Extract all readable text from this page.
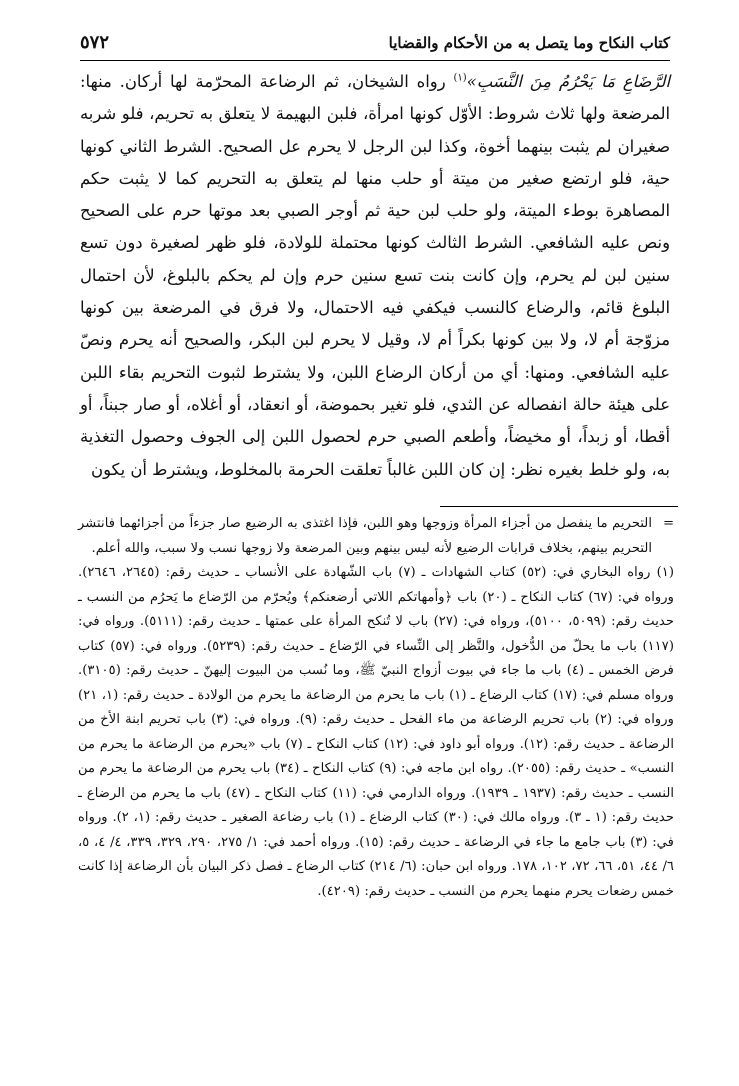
كتاب النكاح وما يتصل به من الأحكام والقضايا
٥٧٢

الرَّضَاعِ مَا يَحْرُمُ مِنَ النَّسَبِ»$^{(١)}$ رواه الشيخان، ثم الرضاعة المحرّمة لها أركان. منها: المرضعة ولها ثلاث شروط: الأوّل كونها امرأة، فلبن البهيمة لا يتعلق به تحريم، فلو شربه صغيران لم يثبت بينهما أخوة، وكذا لبن الرجل لا يحرم عل الصحيح. الشرط الثاني كونها حية، فلو ارتضع صغير من ميتة أو حلب منها لم يتعلق به التحريم كما لا يثبت حكم المصاهرة بوطء الميتة، ولو حلب لبن حية ثم أوجر الصبي بعد موتها حرم على الصحيح ونص عليه الشافعي. الشرط الثالث كونها محتملة للولادة، فلو ظهر لصغيرة دون تسع سنين لبن لم يحرم، وإن كانت بنت تسع سنين حرم وإن لم يحكم بالبلوغ، لأن احتمال البلوغ قائم، والرضاع كالنسب فيكفي فيه الاحتمال، ولا فرق في المرضعة بين كونها مزوّجة أم لا، ولا بين كونها بكراً أم لا، وقيل لا يحرم لبن البكر، والصحيح أنه يحرم ونصّ عليه الشافعي. ومنها: أي من أركان الرضاع اللبن، ولا يشترط لثبوت التحريم بقاء اللبن على هيئة حالة انفصاله عن الثدي، فلو تغير بحموضة، أو انعقاد، أو أغلاه، أو صار جبناً، أو أقطا، أو زبداً، أو مخيضاً، وأطعم الصبي حرم لحصول اللبن إلى الجوف وحصول التغذية به، ولو خلط بغيره نظر: إن كان اللبن غالباً تعلقت الحرمة بالمخلوط، ويشترط أن يكون

=
التحريم ما ينفصل من أجزاء المرأة وزوجها وهو اللبن، فإذا اغتذى به الرضيع صار جزءاً من أجزائهما فانتشر التحريم بينهم، بخلاف قرابات الرضيع لأنه ليس بينهم وبين المرضعة ولا زوجها نسب ولا سبب، والله أعلم.

(١) رواه البخاري في: (٥٢) كتاب الشهادات ـ (٧) باب الشّهادة على الأنساب ـ حديث رقم: (٢٦٤٥، ٢٦٤٦). ورواه في: (٦٧) كتاب النكاح ـ (٢٠) باب ﴿وأمهاتكم اللاتي أرضعنكم﴾ ويُحرّم من الرّضاع ما يَحرُم من النسب ـ حديث رقم: (٥٠٩٩، ٥١٠٠)، ورواه في: (٢٧) باب لا تُنكح المرأة على عمتها ـ حديث رقم: (٥١١١). ورواه في: (١١٧) باب ما يحلّ من الدُّخول، والنَّظر إلى النِّساء في الرّضاع ـ حديث رقم: (٥٢٣٩). ورواه في: (٥٧) كتاب فرض الخمس ـ (٤) باب ما جاء في بيوت أزواج النبيّ ﷺ، وما نُسب من البيوت إليهنّ ـ حديث رقم: (٣١٠٥). ورواه مسلم في: (١٧) كتاب الرضاع ـ (١) باب ما يحرم من الرضاعة ما يحرم من الولادة ـ حديث رقم: (١، ٢١) ورواه في: (٢) باب تحريم الرضاعة من ماء الفحل ـ حديث رقم: (٩). ورواه في: (٣) باب تحريم ابنة الأخ من الرضاعة ـ حديث رقم: (١٢). ورواه أبو داود في: (١٢) كتاب النكاح ـ (٧) باب «يحرم من الرضاعة ما يحرم من النسب» ـ حديث رقم: (٢٠٥٥). رواه ابن ماجه في: (٩) كتاب النكاح ـ (٣٤) باب يحرم من الرضاعة ما يحرم من النسب ـ حديث رقم: (١٩٣٧ ـ ١٩٣٩). ورواه الدارمي في: (١١) كتاب النكاح ـ (٤٧) باب ما يحرم من الرضاع ـ حديث رقم: (١ ـ ٣). ورواه مالك في: (٣٠) كتاب الرضاع ـ (١) باب رضاعة الصغير ـ حديث رقم: (١، ٢). ورواه في: (٣) باب جامع ما جاء في الرضاعة ـ حديث رقم: (١٥). ورواه أحمد في: ١/ ٢٧٥، ٢٩٠، ٣٢٩، ٣٣٩، ٤/ ٤، ٥، ٦/ ٤٤، ٥١، ٦٦، ٧٢، ١٠٢، ١٧٨. ورواه ابن حبان: (٦/ ٢١٤) كتاب الرضاع ـ فصل ذكر البيان بأن الرضاعة إذا كانت خمس رضعات يحرم منهما يحرم من النسب ـ حديث رقم: (٤٢٠٩).
